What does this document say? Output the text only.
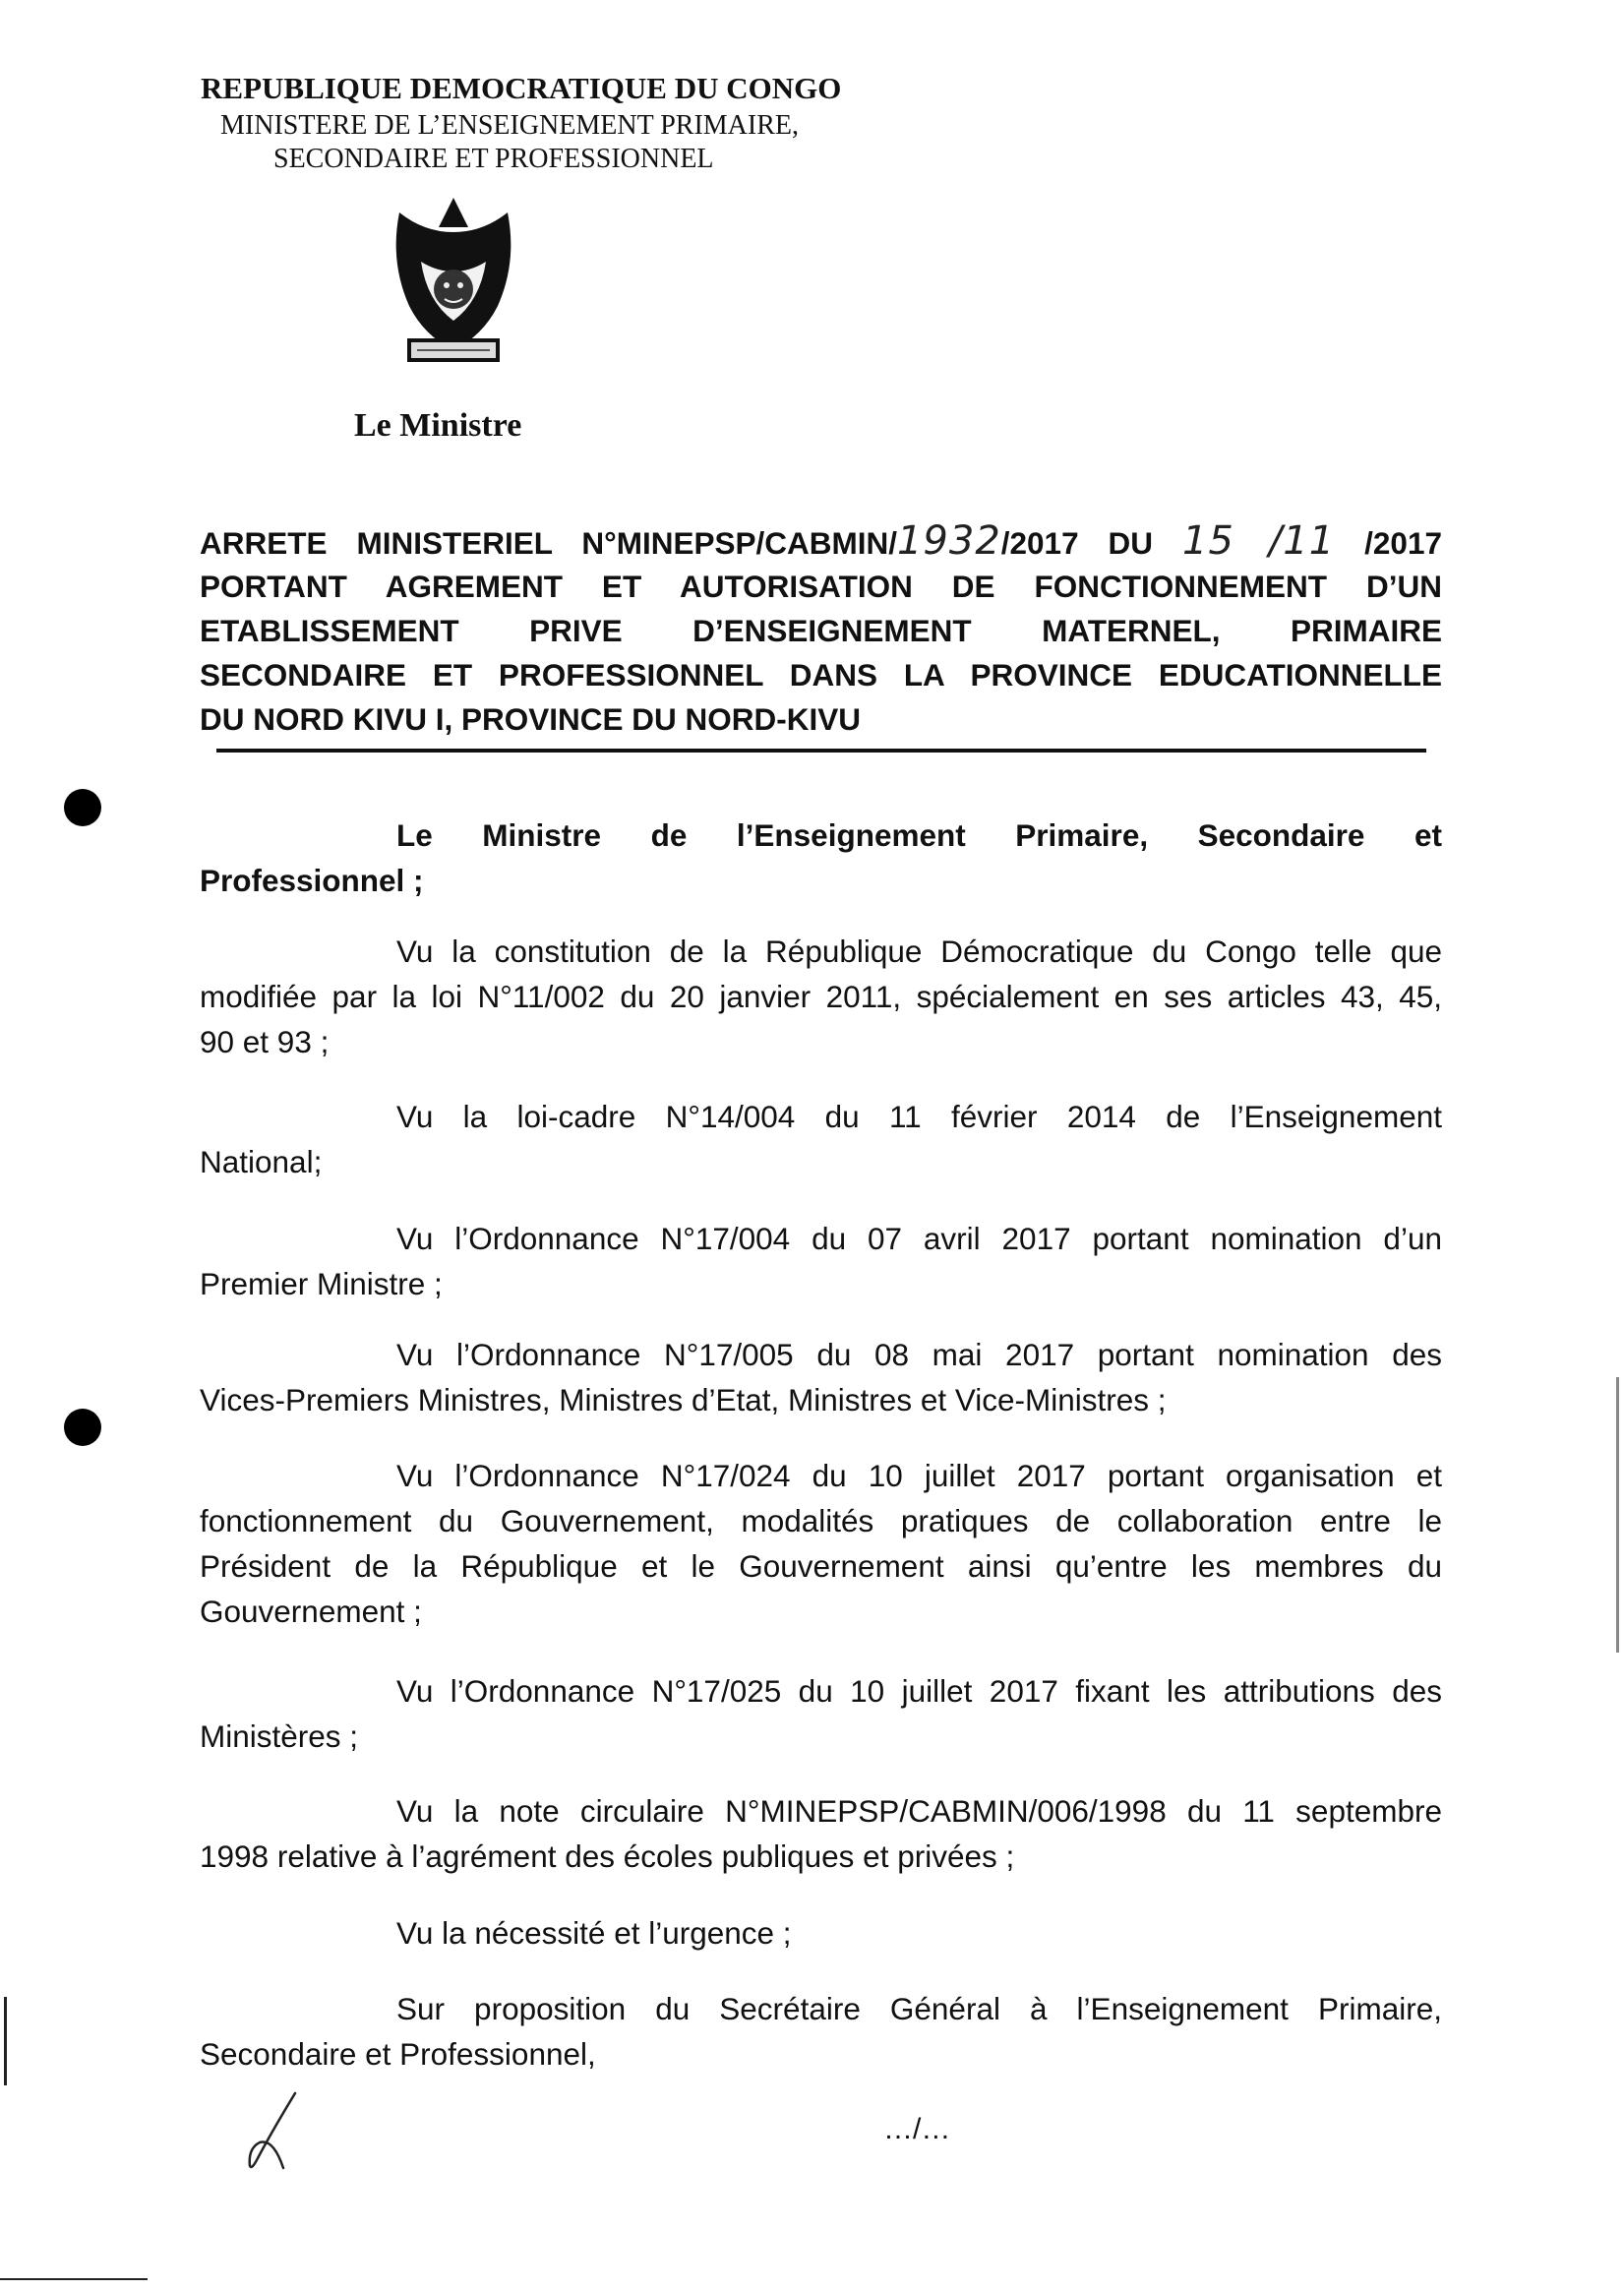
REPUBLIQUE DEMOCRATIQUE DU CONGO
MINISTERE DE L’ENSEIGNEMENT PRIMAIRE,
SECONDAIRE ET PROFESSIONNEL
Le Ministre
ARRETE MINISTERIEL N°MINEPSP/CABMIN/1932/2017 DU 15 /11 /2017
PORTANT AGREMENT ET AUTORISATION DE FONCTIONNEMENT D’UN
ETABLISSEMENT PRIVE D’ENSEIGNEMENT MATERNEL, PRIMAIRE
SECONDAIRE ET PROFESSIONNEL DANS LA PROVINCE EDUCATIONNELLE
DU NORD KIVU I, PROVINCE DU NORD-KIVU
Le Ministre de l’Enseignement Primaire, Secondaire et
Professionnel ;
Vu la constitution de la République Démocratique du Congo telle que
modifiée par la loi N°11/002 du 20 janvier 2011, spécialement en ses articles 43, 45,
90 et 93 ;
Vu la loi-cadre N°14/004 du 11 février 2014 de l’Enseignement
National;
Vu l’Ordonnance N°17/004 du 07 avril 2017 portant nomination d’un
Premier Ministre ;
Vu l’Ordonnance N°17/005 du 08 mai 2017 portant nomination des
Vices-Premiers Ministres, Ministres d’Etat, Ministres et Vice-Ministres ;
Vu l’Ordonnance N°17/024 du 10 juillet 2017 portant organisation et
fonctionnement du Gouvernement, modalités pratiques de collaboration entre le
Président de la République et le Gouvernement ainsi qu’entre les membres du
Gouvernement ;
Vu l’Ordonnance N°17/025 du 10 juillet 2017 fixant les attributions des
Ministères ;
Vu la note circulaire N°MINEPSP/CABMIN/006/1998 du 11 septembre
1998 relative à l’agrément des écoles publiques et privées ;
Vu la nécessité et l’urgence ;
Sur proposition du Secrétaire Général à l’Enseignement Primaire,
Secondaire et Professionnel,
…/…
